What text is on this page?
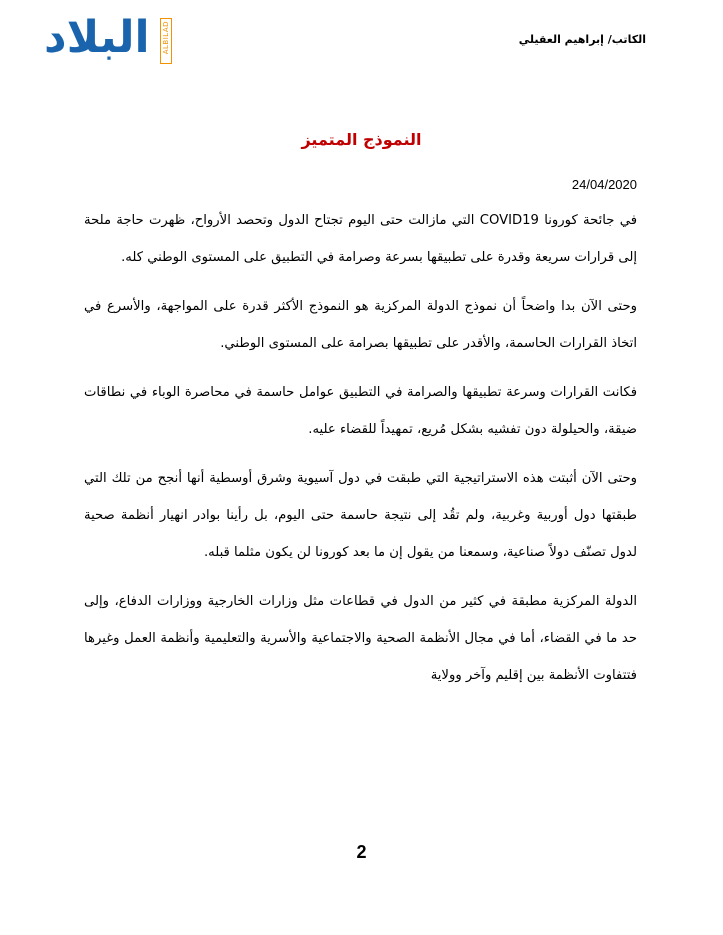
البلاد ALBILAD	الكاتب/ إبراهيم العقيلي
النموذج المتميز
24/04/2020

في جائحة كورونا COVID19 التي مازالت حتى اليوم تجتاح الدول وتحصد الأرواح، ظهرت حاجة ملحة إلى قرارات سريعة وقدرة على تطبيقها بسرعة وصرامة في التطبيق على المستوى الوطني كله.

وحتى الآن بدا واضحاً أن نموذج الدولة المركزية هو النموذج الأكثر قدرة على المواجهة، والأسرع في اتخاذ القرارات الحاسمة، والأقدر على تطبيقها بصرامة على المستوى الوطني.

فكانت القرارات وسرعة تطبيقها والصرامة في التطبيق عوامل حاسمة في محاصرة الوباء في نطاقات ضيقة، والحيلولة دون تفشيه بشكل مُريع، تمهيداً للقضاء عليه.

وحتى الآن أثبتت هذه الاستراتيجية التي طبقت في دول آسيوية وشرق أوسطية أنها أنجح من تلك التي طبقتها دول أوربية وغربية، ولم تقُد إلى نتيجة حاسمة حتى اليوم، بل رأينا بوادر انهيار أنظمة صحية لدول تصنّف دولاً صناعية، وسمعنا من يقول إن ما بعد كورونا لن يكون مثلما قبله.

الدولة المركزية مطبقة في كثير من الدول في قطاعات مثل وزارات الخارجية ووزارات الدفاع، وإلى حد ما في القضاء، أما في مجال الأنظمة الصحية والاجتماعية والأسرية والتعليمية وأنظمة العمل وغيرها فتتفاوت الأنظمة بين إقليم وآخر وولاية

2
